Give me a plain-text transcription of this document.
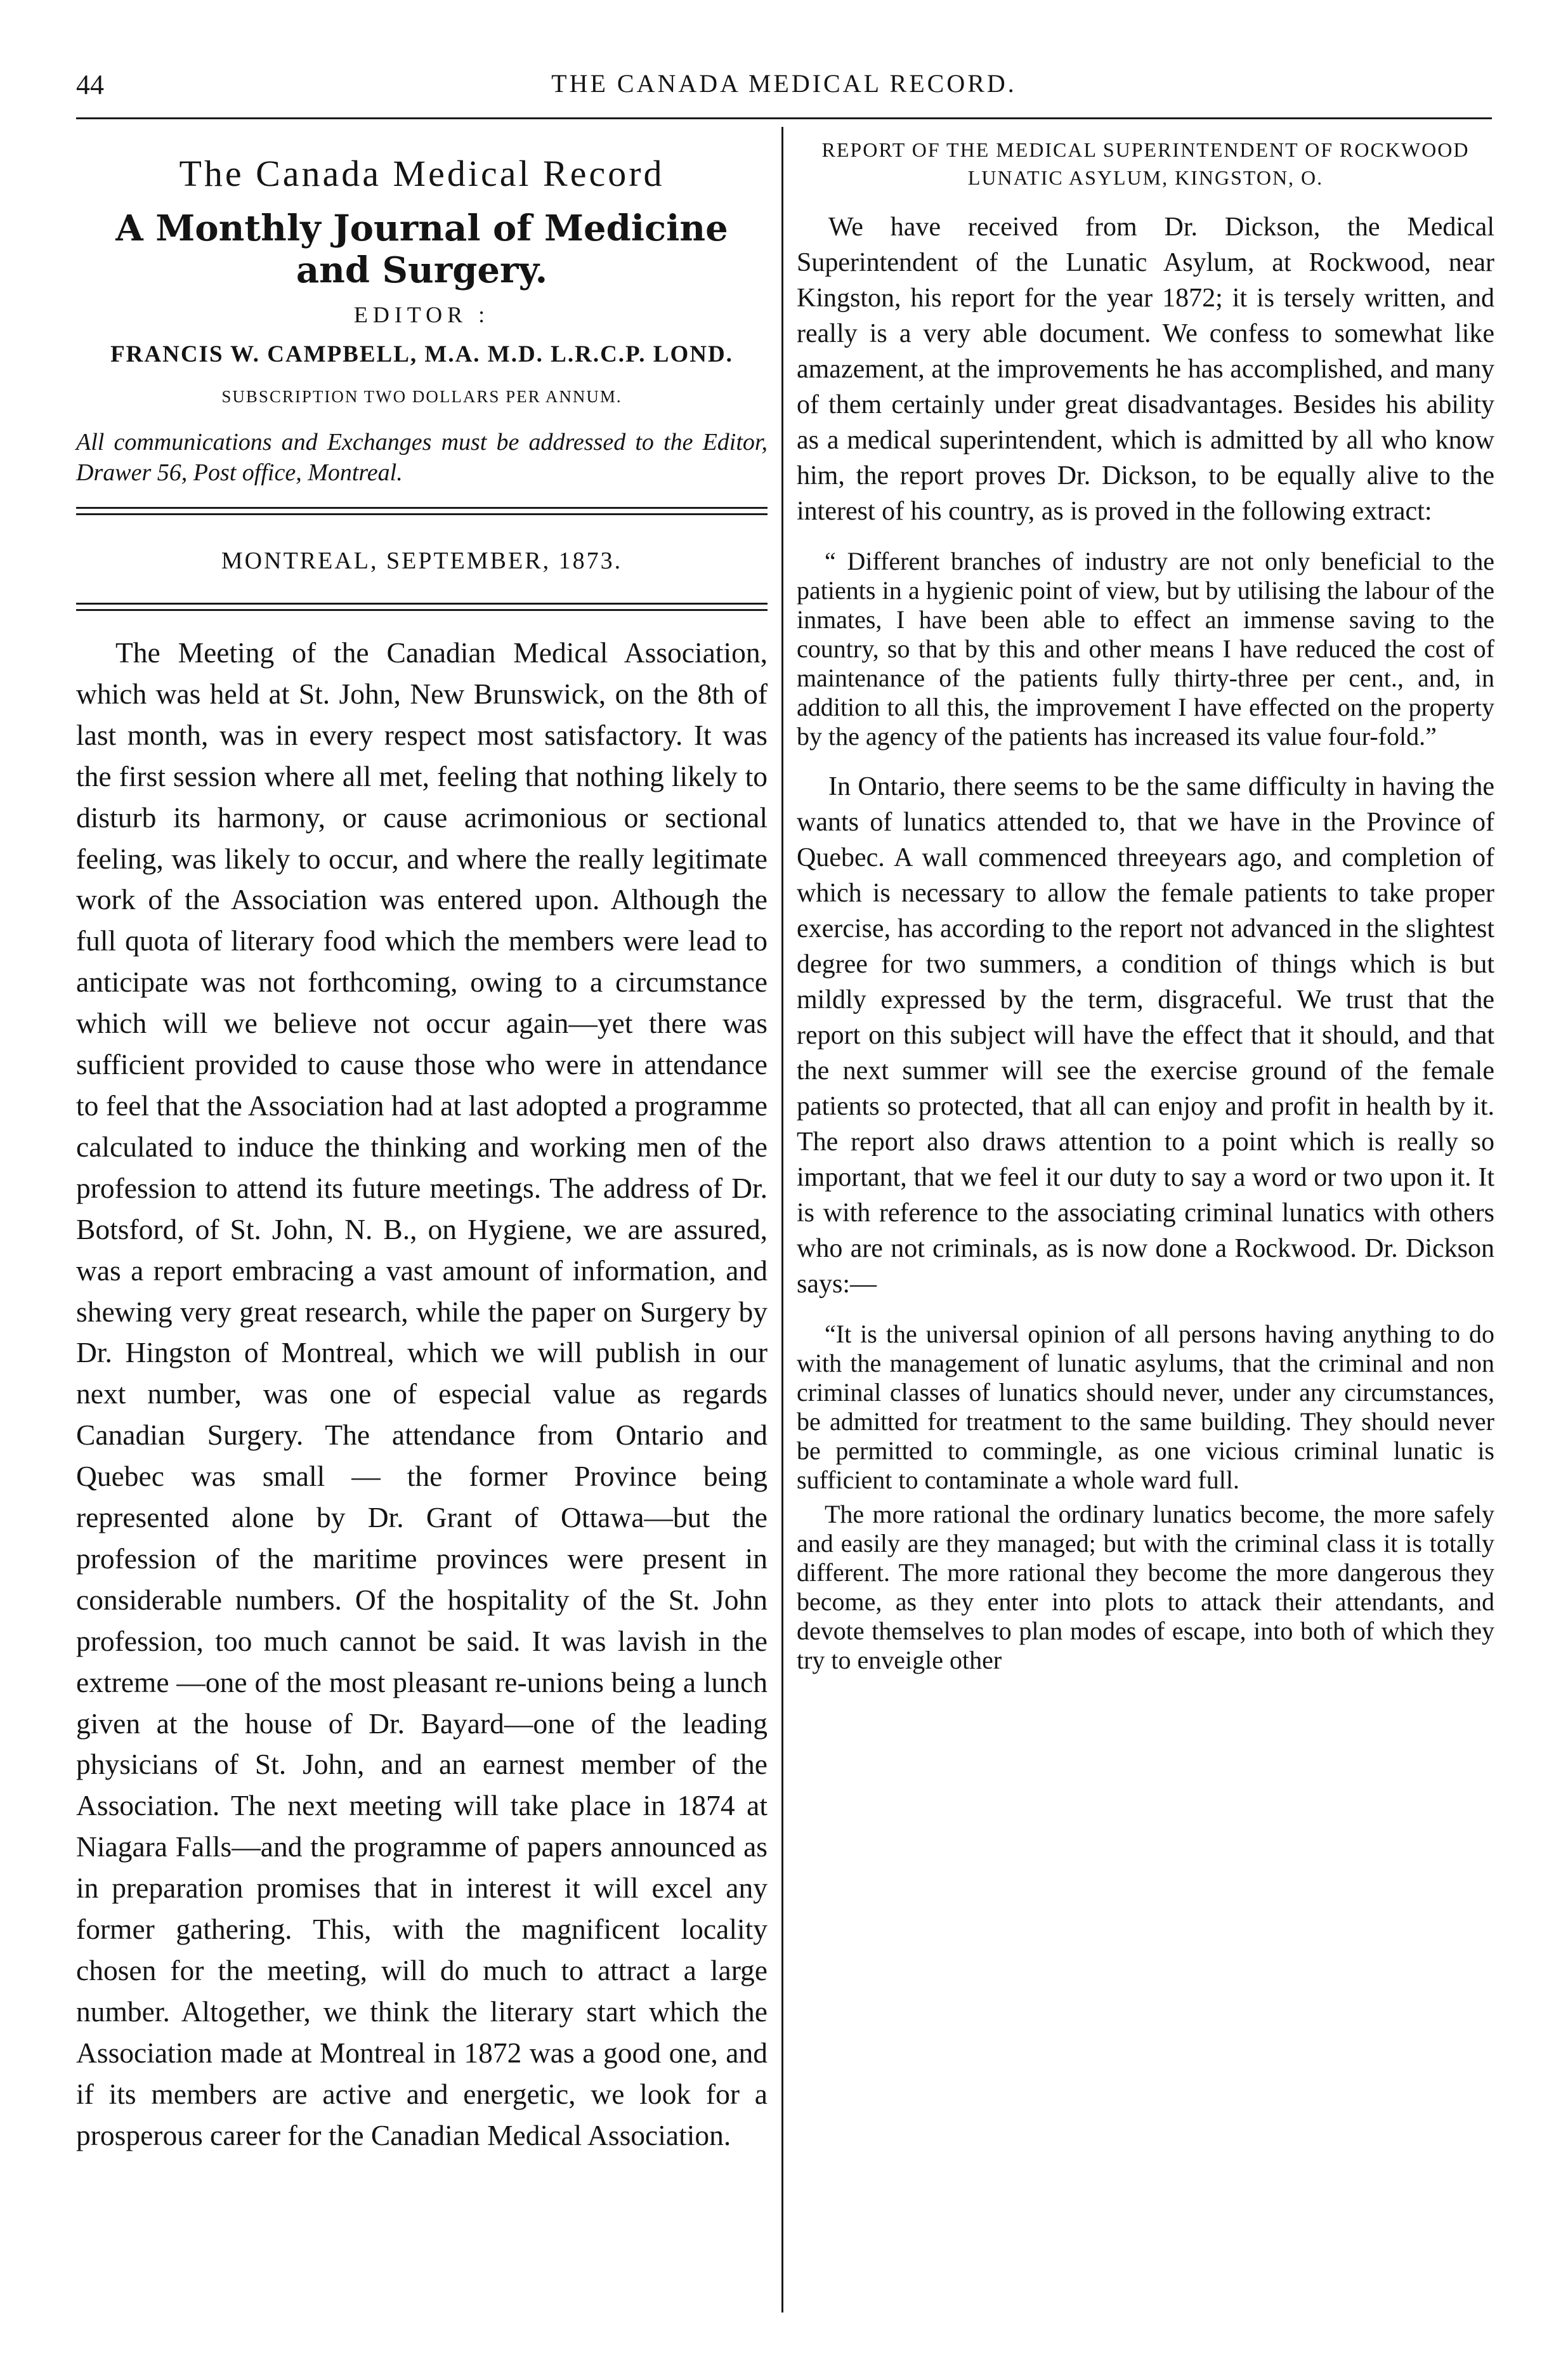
44	THE CANADA MEDICAL RECORD.
The Canada Medical Record
A Monthly Journal of Medicine and Surgery.
EDITOR :
FRANCIS W. CAMPBELL, M.A. M.D. L.R.C.P. LOND.
SUBSCRIPTION TWO DOLLARS PER ANNUM.
All communications and Exchanges must be addressed to the Editor, Drawer 56, Post office, Montreal.
MONTREAL, SEPTEMBER, 1873.

The Meeting of the Canadian Medical Association, which was held at St. John, New Brunswick, on the 8th of last month, was in every respect most satisfactory. It was the first session where all met, feeling that nothing likely to disturb its harmony, or cause acrimonious or sectional feeling, was likely to occur, and where the really legitimate work of the Association was entered upon. Although the full quota of literary food which the members were lead to anticipate was not forthcoming, owing to a circumstance which will we believe not occur again—yet there was sufficient provided to cause those who were in attendance to feel that the Association had at last adopted a programme calculated to induce the thinking and working men of the profession to attend its future meetings. The address of Dr. Botsford, of St. John, N. B., on Hygiene, we are assured, was a report embracing a vast amount of information, and shewing very great research, while the paper on Surgery by Dr. Hingston of Montreal, which we will publish in our next number, was one of especial value as regards Canadian Surgery. The attendance from Ontario and Quebec was small — the former Province being represented alone by Dr. Grant of Ottawa—but the profession of the maritime provinces were present in considerable numbers. Of the hospitality of the St. John profession, too much cannot be said. It was lavish in the extreme —one of the most pleasant re-unions being a lunch given at the house of Dr. Bayard—one of the leading physicians of St. John, and an earnest member of the Association. The next meeting will take place in 1874 at Niagara Falls—and the programme of papers announced as in preparation promises that in interest it will excel any former gathering. This, with the magnificent locality chosen for the meeting, will do much to attract a large number. Altogether, we think the literary start which the Association made at Montreal in 1872 was a good one, and if its members are active and energetic, we look for a prosperous career for the Canadian Medical Association.

REPORT OF THE MEDICAL SUPERINTENDENT OF ROCKWOOD LUNATIC ASYLUM, KINGSTON, O.

We have received from Dr. Dickson, the Medical Superintendent of the Lunatic Asylum, at Rockwood, near Kingston, his report for the year 1872; it is tersely written, and really is a very able document. We confess to somewhat like amazement, at the improvements he has accomplished, and many of them certainly under great disadvantages. Besides his ability as a medical superintendent, which is admitted by all who know him, the report proves Dr. Dickson, to be equally alive to the interest of his country, as is proved in the following extract:

“ Different branches of industry are not only beneficial to the patients in a hygienic point of view, but by utilising the labour of the inmates, I have been able to effect an immense saving to the country, so that by this and other means I have reduced the cost of maintenance of the patients fully thirty-three per cent., and, in addition to all this, the improvement I have effected on the property by the agency of the patients has increased its value four-fold.”

In Ontario, there seems to be the same difficulty in having the wants of lunatics attended to, that we have in the Province of Quebec. A wall commenced threeyears ago, and completion of which is necessary to allow the female patients to take proper exercise, has according to the report not advanced in the slightest degree for two summers, a condition of things which is but mildly expressed by the term, disgraceful. We trust that the report on this subject will have the effect that it should, and that the next summer will see the exercise ground of the female patients so protected, that all can enjoy and profit in health by it. The report also draws attention to a point which is really so important, that we feel it our duty to say a word or two upon it. It is with reference to the associating criminal lunatics with others who are not criminals, as is now done a Rockwood. Dr. Dickson says:—

“It is the universal opinion of all persons having anything to do with the management of lunatic asylums, that the criminal and non criminal classes of lunatics should never, under any circumstances, be admitted for treatment to the same building. They should never be permitted to commingle, as one vicious criminal lunatic is sufficient to contaminate a whole ward full.

The more rational the ordinary lunatics become, the more safely and easily are they managed; but with the criminal class it is totally different. The more rational they become the more dangerous they become, as they enter into plots to attack their attendants, and devote themselves to plan modes of escape, into both of which they try to enveigle other
